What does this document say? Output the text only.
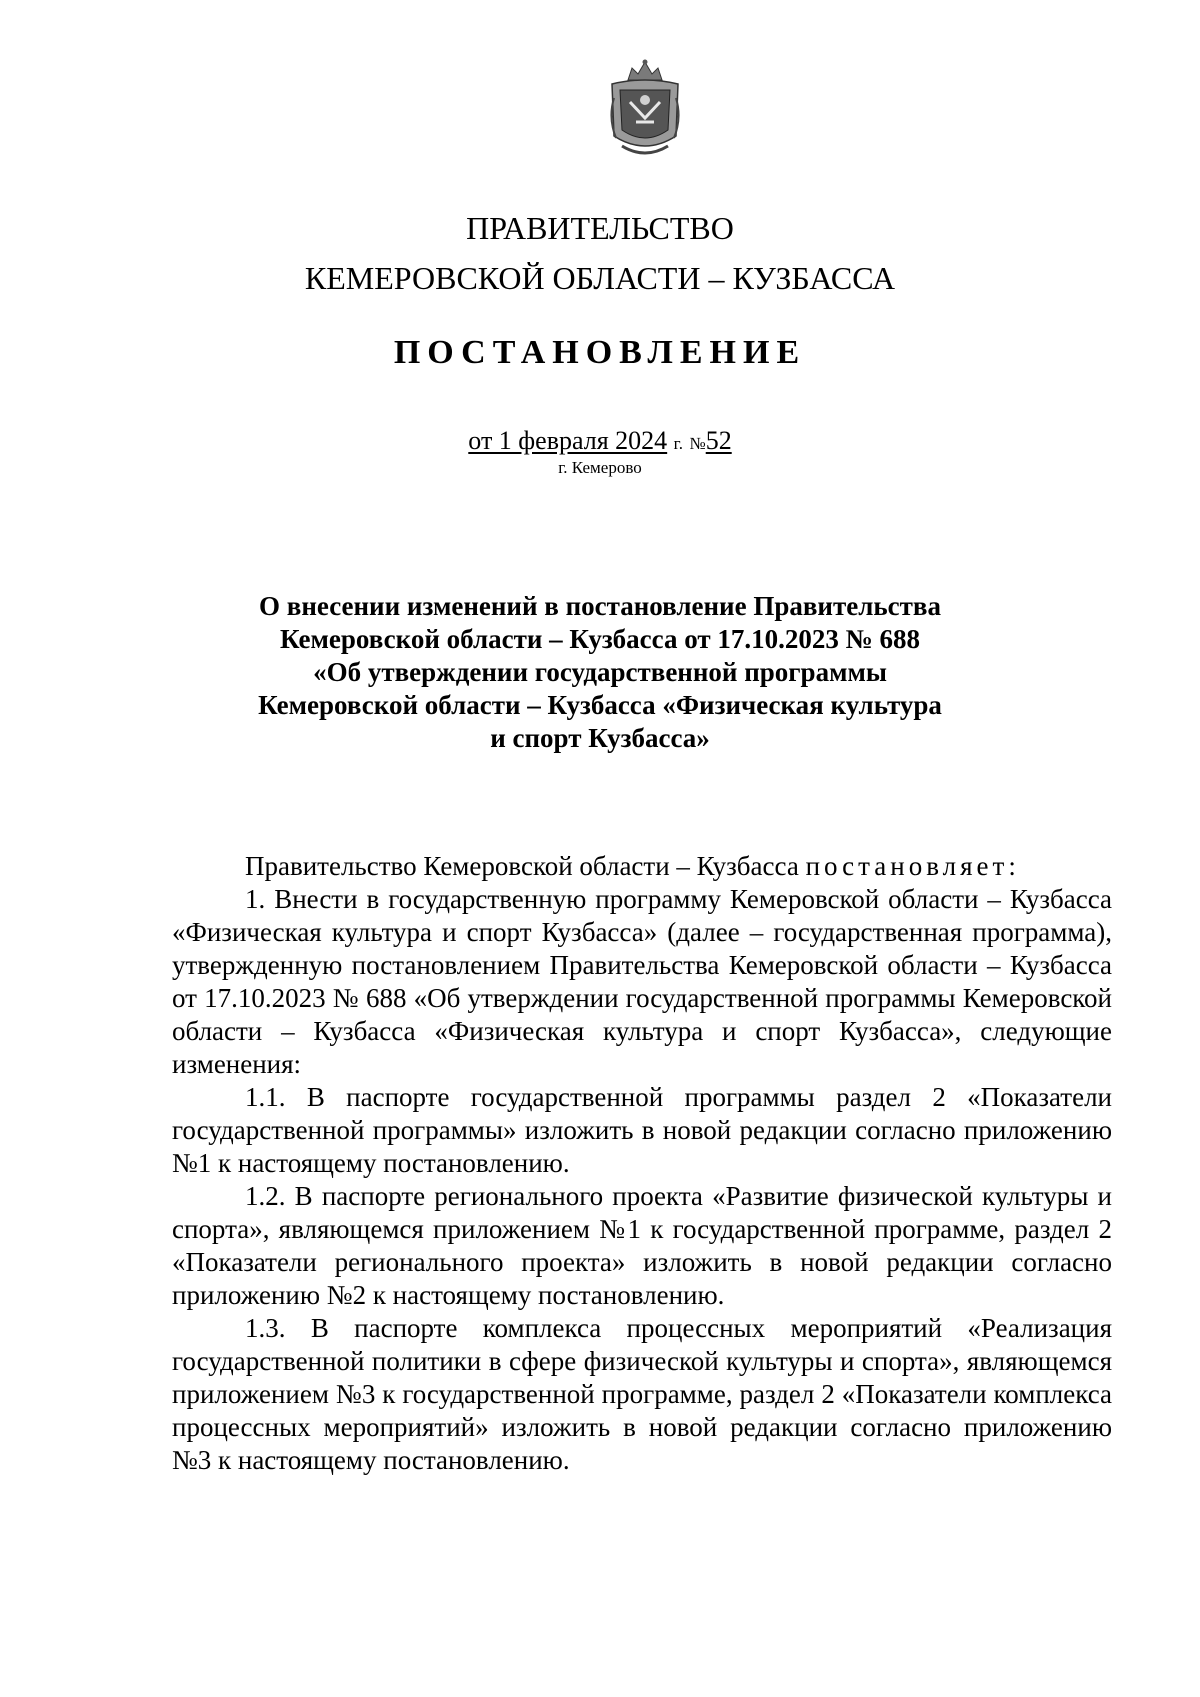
ПРАВИТЕЛЬСТВО
КЕМЕРОВСКОЙ ОБЛАСТИ – КУЗБАССА
ПОСТАНОВЛЕНИЕ
от 1 февраля 2024 г. №52
г. Кемерово
О внесении изменений в постановление Правительства
Кемеровской области – Кузбасса от 17.10.2023 № 688
«Об утверждении государственной программы
Кемеровской области – Кузбасса «Физическая культура
и спорт Кузбасса»

Правительство Кемеровской области – Кузбасса постановляет:

1. Внести в государственную программу Кемеровской области – Кузбасса «Физическая культура и спорт Кузбасса» (далее – государственная программа), утвержденную постановлением Правительства Кемеровской области – Кузбасса от 17.10.2023 № 688 «Об утверждении государственной программы Кемеровской области – Кузбасса «Физическая культура и спорт Кузбасса», следующие изменения:

1.1. В паспорте государственной программы раздел 2 «Показатели государственной программы» изложить в новой редакции согласно приложению №1 к настоящему постановлению.

1.2. В паспорте регионального проекта «Развитие физической культуры и спорта», являющемся приложением №1 к государственной программе, раздел 2 «Показатели регионального проекта» изложить в новой редакции согласно приложению №2 к настоящему постановлению.

1.3. В паспорте комплекса процессных мероприятий «Реализация государственной политики в сфере физической культуры и спорта», являющемся приложением №3 к государственной программе, раздел 2 «Показатели комплекса процессных мероприятий» изложить в новой редакции согласно приложению №3 к настоящему постановлению.
